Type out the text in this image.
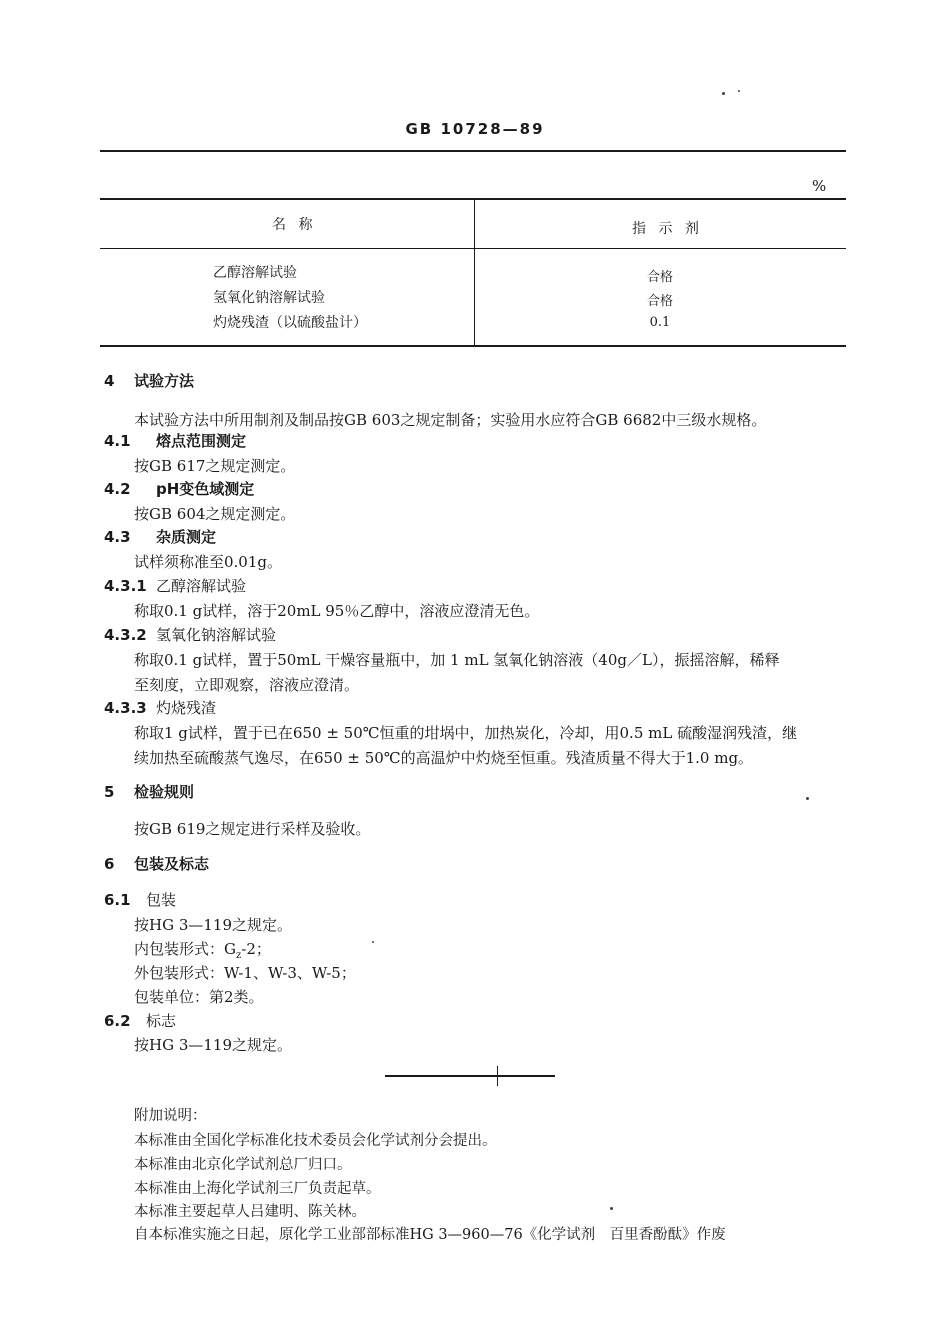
GB 10728—89
%
名 称	指 示 剂
乙醇溶解试验	合格
氢氧化钠溶解试验	合格
灼烧残渣（以硫酸盐计）	0.1
4 试验方法
本试验方法中所用制剂及制品按GB 603之规定制备；实验用水应符合GB 6682中三级水规格。
4.1 熔点范围测定
按GB 617之规定测定。
4.2 pH变色域测定
按GB 604之规定测定。
4.3 杂质测定
试样须称准至0.01g。
4.3.1 乙醇溶解试验
称取0.1 g试样，溶于20mL 95％乙醇中，溶液应澄清无色。
4.3.2 氢氧化钠溶解试验
称取0.1 g试样，置于50mL 干燥容量瓶中，加 1 mL 氢氧化钠溶液（40g／L），振摇溶解，稀释
至刻度，立即观察，溶液应澄清。
4.3.3 灼烧残渣
称取1 g试样，置于已在650 ± 50℃恒重的坩埚中，加热炭化，冷却，用0.5 mL 硫酸湿润残渣，继
续加热至硫酸蒸气逸尽，在650 ± 50℃的高温炉中灼烧至恒重。残渣质量不得大于1.0 mg。
5 检验规则
按GB 619之规定进行采样及验收。
6 包装及标志
6.1 包装
按HG 3—119之规定。
内包装形式：$G_z-2$；
外包装形式：W-1、W-3、W-5；
包装单位：第2类。
6.2 标志
按HG 3—119之规定。
附加说明：
本标准由全国化学标准化技术委员会化学试剂分会提出。
本标准由北京化学试剂总厂归口。
本标准由上海化学试剂三厂负责起草。
本标准主要起草人吕建明、陈关林。
自本标准实施之日起，原化学工业部部标准HG 3—960—76《化学试剂　百里香酚酞》作废
